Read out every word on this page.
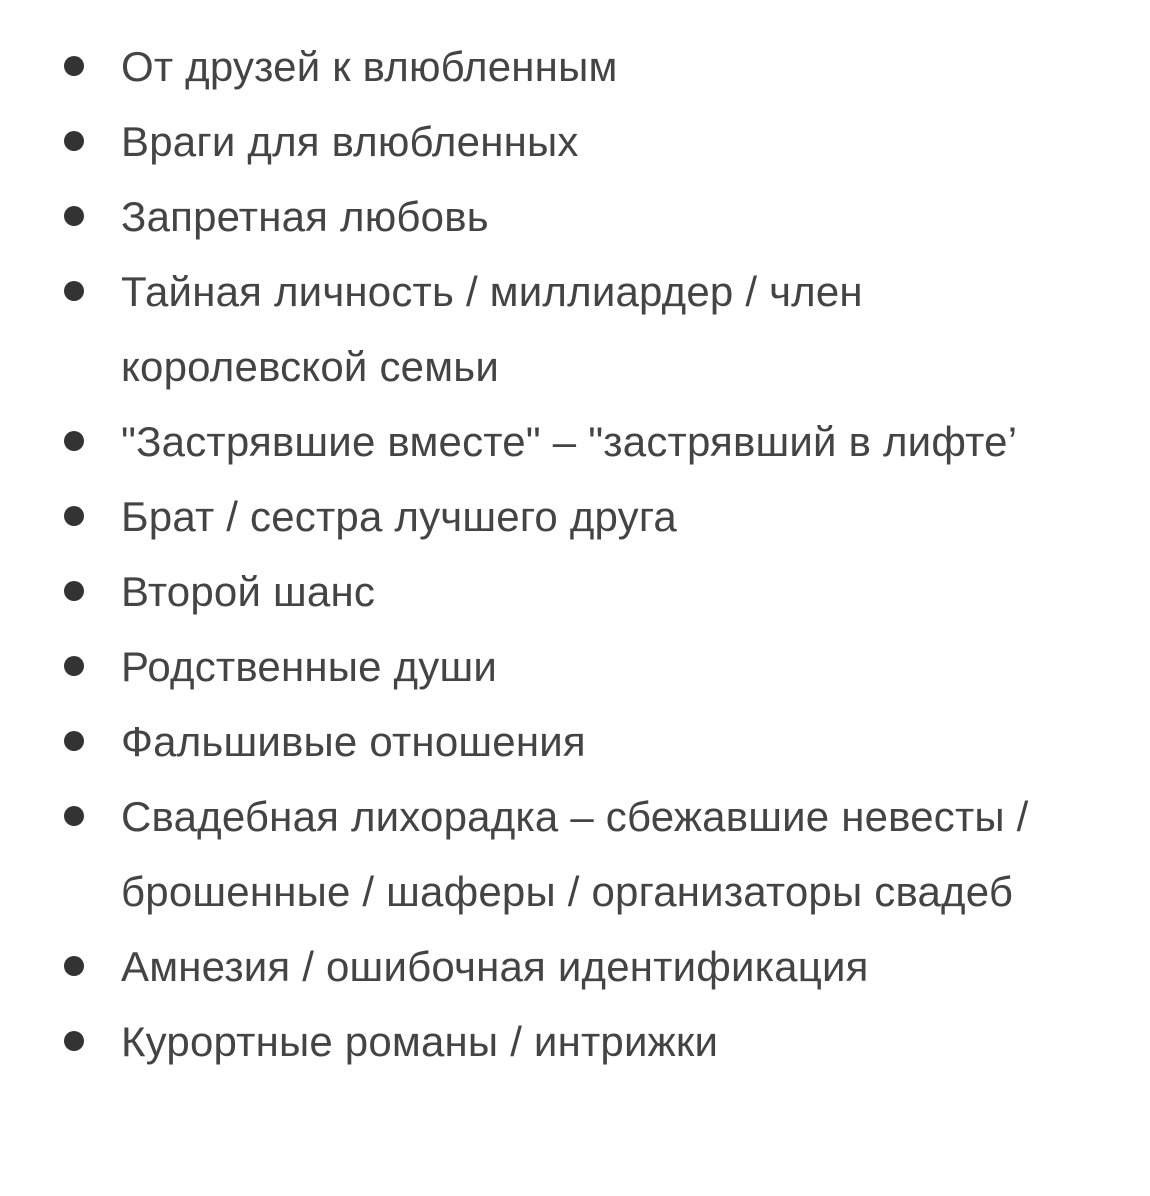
От друзей к влюбленным
Враги для влюбленных
Запретная любовь
Тайная личность / миллиардер / член королевской семьи
"Застрявшие вместе" – "застрявший в лифте’
Брат / сестра лучшего друга
Второй шанс
Родственные души
Фальшивые отношения
Свадебная лихорадка – сбежавшие невесты / брошенные / шаферы / организаторы свадеб
Амнезия / ошибочная идентификация
Курортные романы / интрижки
